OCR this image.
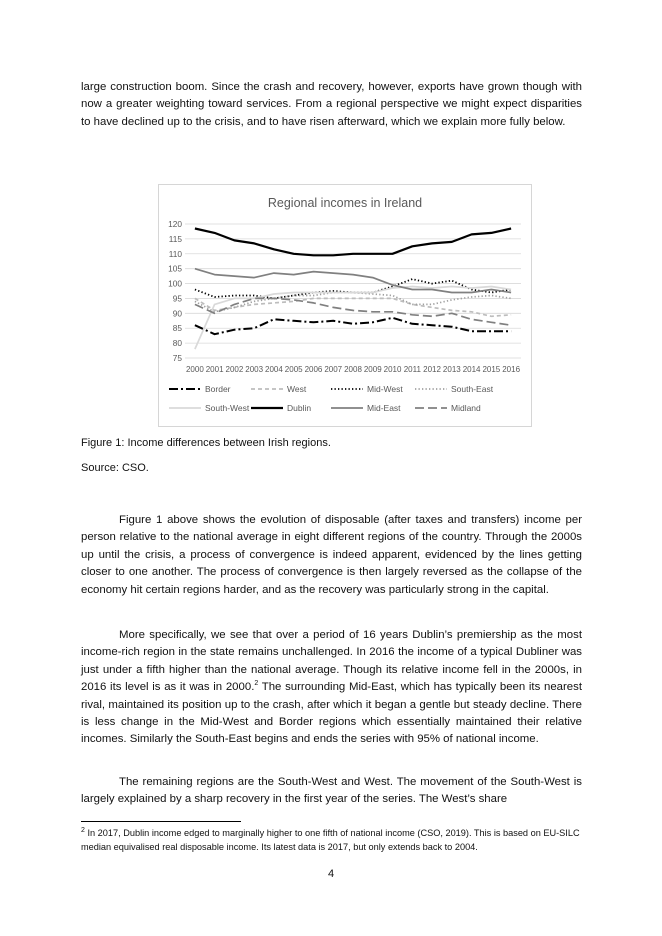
large construction boom. Since the crash and recovery, however, exports have grown though with now a greater weighting toward services. From a regional perspective we might expect disparities to have declined up to the crisis, and to have risen afterward, which we explain more fully below.

Regional incomes in Ireland
75
80
85
90
95
100
105
110
115
120
2000 2001 2002 2003 2004 2005 2006 2007 2008 2009 2010 2011 2012 2013 2014 2015 2016
Border	West	Mid-West	South-East
South-West	Dublin	Mid-East	Midland

Figure 1: Income differences between Irish regions.

Source: CSO.

Figure 1 above shows the evolution of disposable (after taxes and transfers) income per person relative to the national average in eight different regions of the country. Through the 2000s up until the crisis, a process of convergence is indeed apparent, evidenced by the lines getting closer to one another. The process of convergence is then largely reversed as the collapse of the economy hit certain regions harder, and as the recovery was particularly strong in the capital.

More specifically, we see that over a period of 16 years Dublin’s premiership as the most income-rich region in the state remains unchallenged. In 2016 the income of a typical Dubliner was just under a fifth higher than the national average. Though its relative income fell in the 2000s, in 2016 its level is as it was in 2000.$^2$ The surrounding Mid-East, which has typically been its nearest rival, maintained its position up to the crash, after which it began a gentle but steady decline. There is less change in the Mid-West and Border regions which essentially maintained their relative incomes. Similarly the South-East begins and ends the series with 95% of national income.

The remaining regions are the South-West and West. The movement of the South-West is largely explained by a sharp recovery in the first year of the series. The West’s share

$^2$ In 2017, Dublin income edged to marginally higher to one fifth of national income (CSO, 2019). This is based on EU-SILC median equivalised real disposable income. Its latest data is 2017, but only extends back to 2004.

4
